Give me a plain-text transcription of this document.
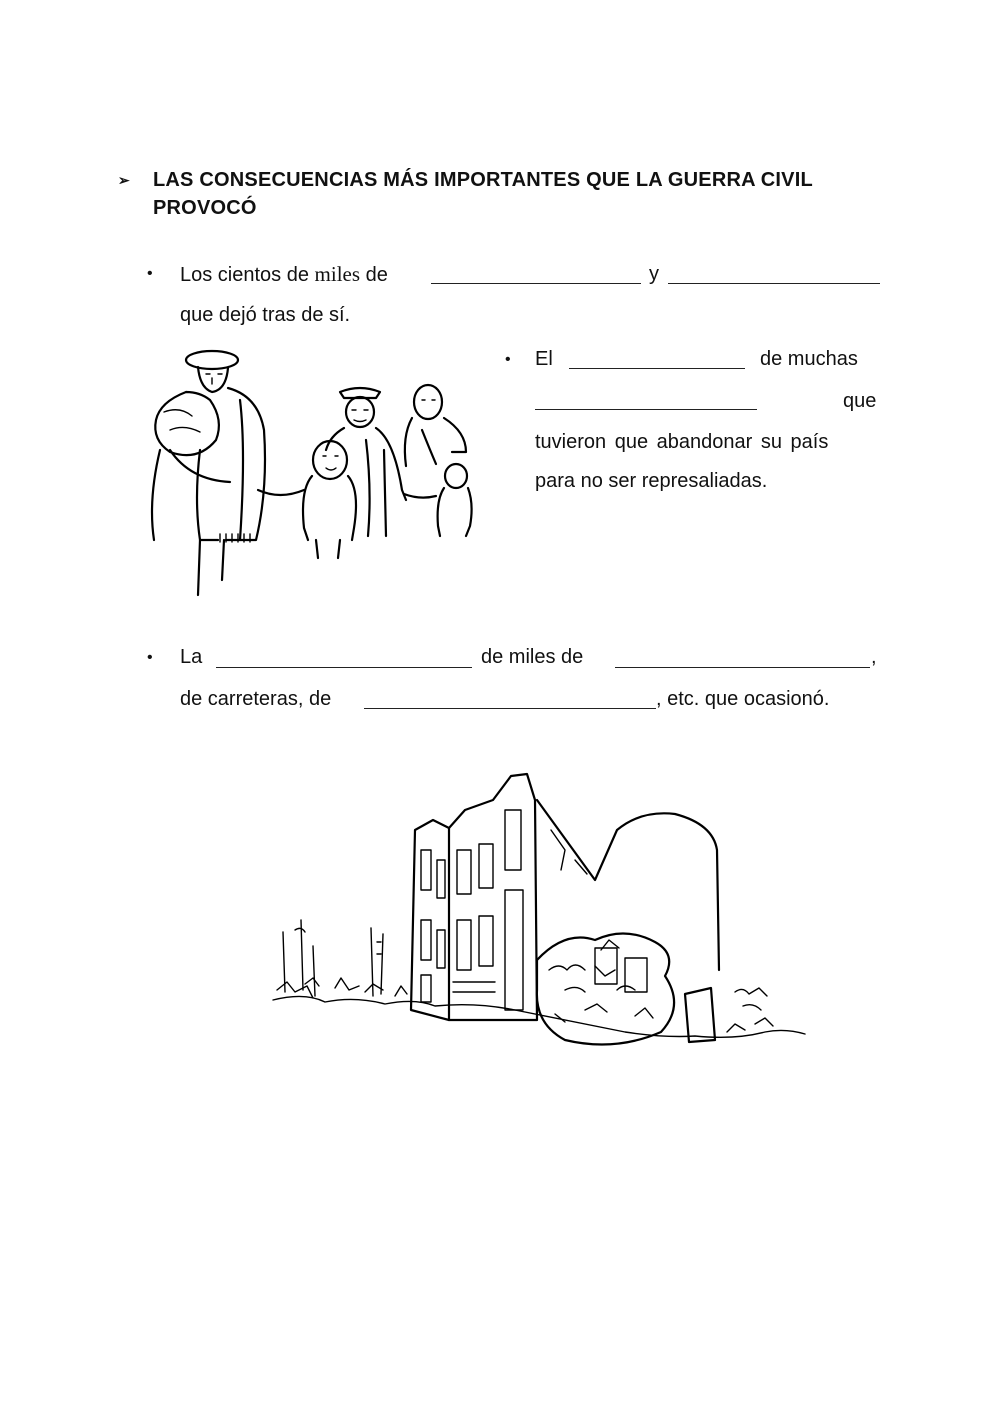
➢	LAS CONSECUENCIAS MÁS IMPORTANTES QUE LA GUERRA CIVIL PROVOCÓ
• Los cientos de miles de	y
que dejó tras de sí.
• El	de muchas
que
tuvieron que abandonar su país
para no ser represaliadas.
• La	de miles de	,
de carreteras, de	, etc. que ocasionó.
